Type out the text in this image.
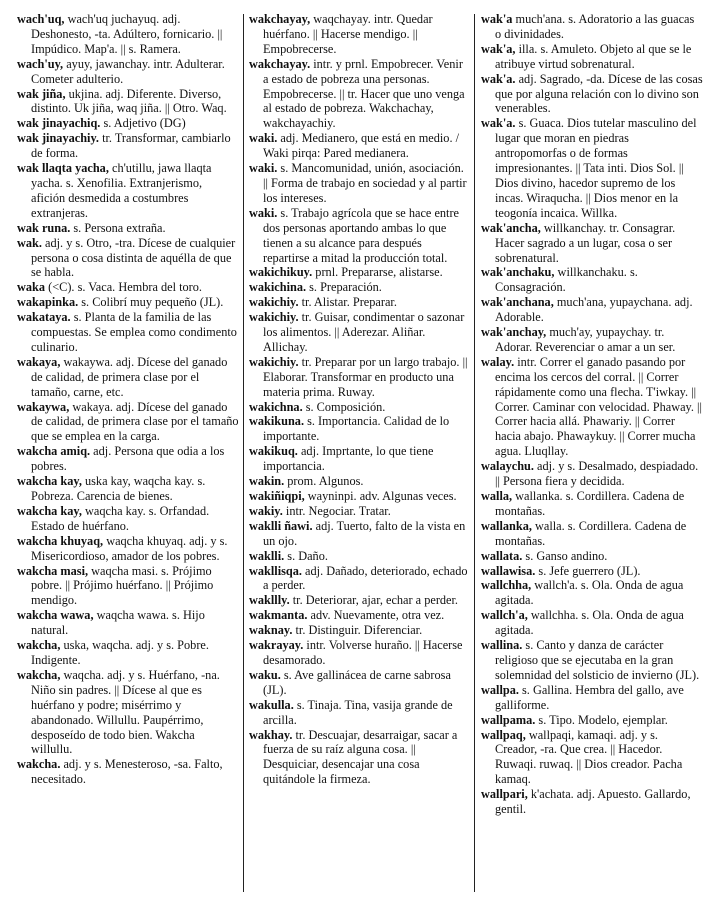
wach'uq, wach'uq juchayuq. adj. Deshonesto, -ta. Adúltero, fornicario. || Impúdico. Map'a. || s. Ramera.

wach'uy, ayuy, jawanchay. intr. Adulterar. Cometer adulterio.

wak jiña, ukjina. adj. Diferente. Diverso, distinto. Uk jiña, waq jiña. || Otro. Waq.

wak jinayachiq. s. Adjetivo (DG)

wak jinayachiy. tr. Transformar, cambiarlo de forma.

wak llaqta yacha, ch'utillu, jawa llaqta yacha. s. Xenofilia. Extranjerismo, afición desmedida a costumbres extranjeras.

wak runa. s. Persona extraña.

wak. adj. y s. Otro, -tra. Dícese de cualquier persona o cosa distinta de aquélla de que se habla.

waka (<C). s. Vaca. Hembra del toro.

wakapinka. s. Colibrí muy pequeño (JL).

wakataya. s. Planta de la familia de las compuestas. Se emplea como condimento culinario.

wakaya, wakaywa. adj. Dícese del ganado de calidad, de primera clase por el tamaño, carne, etc.

wakaywa, wakaya. adj. Dícese del ganado de calidad, de primera clase por el tamaño que se emplea en la carga.

wakcha amiq. adj. Persona que odia a los pobres.

wakcha kay, uska kay, waqcha kay. s. Pobreza. Carencia de bienes.

wakcha kay, waqcha kay. s. Orfandad. Estado de huérfano.

wakcha khuyaq, waqcha khuyaq. adj. y s. Misericordioso, amador de los pobres.

wakcha masi, waqcha masi. s. Prójimo pobre. || Prójimo huérfano. || Prójimo mendigo.

wakcha wawa, waqcha wawa. s. Hijo natural.

wakcha, uska, waqcha. adj. y s. Pobre. Indigente.

wakcha, waqcha. adj. y s. Huérfano, -na. Niño sin padres. || Dícese al que es huérfano y podre; misérrimo y abandonado. Willullu. Paupérrimo, desposeído de todo bien. Wakcha willullu.

wakcha. adj. y s. Menesteroso, -sa. Falto, necesitado.

wakchayay, waqchayay. intr. Quedar huérfano. || Hacerse mendigo. || Empobrecerse.

wakchayay. intr. y prnl. Empobrecer. Venir a estado de pobreza una personas. Empobrecerse. || tr. Hacer que uno venga al estado de pobreza. Wakchachay, wakchayachiy.

waki. adj. Medianero, que está en medio. / Waki pirqa: Pared medianera.

waki. s. Mancomunidad, unión, asociación. || Forma de trabajo en sociedad y al partir los intereses.

waki. s. Trabajo agrícola que se hace entre dos personas aportando ambas lo que tienen a su alcance para después repartirse a mitad la producción total.

wakichikuy. prnl. Prepararse, alistarse.

wakichina. s. Preparación.

wakichiy. tr. Alistar. Preparar.

wakichiy. tr. Guisar, condimentar o sazonar los alimentos. || Aderezar. Aliñar. Allichay.

wakichiy. tr. Preparar por un largo trabajo. || Elaborar. Transformar en producto una materia prima. Ruway.

wakichna. s. Composición.

wakikuna. s. Importancia. Calidad de lo importante.

wakikuq. adj. Imprtante, lo que tiene importancia.

wakin. prom. Algunos.

wakiñiqpi, wayninpi. adv. Algunas veces.

wakiy. intr. Negociar. Tratar.

waklli ñawi. adj. Tuerto, falto de la vista en un ojo.

waklli. s. Daño.

wakllisqa. adj. Dañado, deteriorado, echado a perder.

wakllly. tr. Deteriorar, ajar, echar a perder.

wakmanta. adv. Nuevamente, otra vez.

waknay. tr. Distinguir. Diferenciar.

wakrayay. intr. Volverse huraño. || Hacerse desamorado.

waku. s. Ave gallinácea de carne sabrosa (JL).

wakulla. s. Tinaja. Tina, vasija grande de arcilla.

wakhay. tr. Descuajar, desarraigar, sacar a fuerza de su raíz alguna cosa. || Desquiciar, desencajar una cosa quitándole la firmeza.

wak'a much'ana. s. Adoratorio a las guacas o divinidades.

wak'a, illa. s. Amuleto. Objeto al que se le atribuye virtud sobrenatural.

wak'a. adj. Sagrado, -da. Dícese de las cosas que por alguna relación con lo divino son venerables.

wak'a. s. Guaca. Dios tutelar masculino del lugar que moran en piedras antropomorfas o de formas impresionantes. || Tata inti. Dios Sol. || Dios divino, hacedor supremo de los incas. Wiraqucha. || Dios menor en la teogonía incaica. Willka.

wak'ancha, willkanchay. tr. Consagrar. Hacer sagrado a un lugar, cosa o ser sobrenatural.

wak'anchaku, willkanchaku. s. Consagración.

wak'anchana, much'ana, yupaychana. adj. Adorable.

wak'anchay, much'ay, yupaychay. tr. Adorar. Reverenciar o amar a un ser.

walay. intr. Correr el ganado pasando por encima los cercos del corral. || Correr rápidamente como una flecha. T'iwkay. || Correr. Caminar con velocidad. Phaway. || Correr hacia allá. Phawariy. || Correr hacia abajo. Phawaykuy. || Correr mucha agua. Lluqllay.

walaychu. adj. y s. Desalmado, despiadado. || Persona fiera y decidida.

walla, wallanka. s. Cordillera. Cadena de montañas.

wallanka, walla. s. Cordillera. Cadena de montañas.

wallata. s. Ganso andino.

wallawisa. s. Jefe guerrero (JL).

wallchha, wallch'a. s. Ola. Onda de agua agitada.

wallch'a, wallchha. s. Ola. Onda de agua agitada.

wallina. s. Canto y danza de carácter religioso que se ejecutaba en la gran solemnidad del solsticio de invierno (JL).

wallpa. s. Gallina. Hembra del gallo, ave galliforme.

wallpama. s. Tipo. Modelo, ejemplar.

wallpaq, wallpaqi, kamaqi. adj. y s. Creador, -ra. Que crea. || Hacedor. Ruwaqi. ruwaq. || Dios creador. Pacha kamaq.

wallpari, k'achata. adj. Apuesto. Gallardo, gentil.
